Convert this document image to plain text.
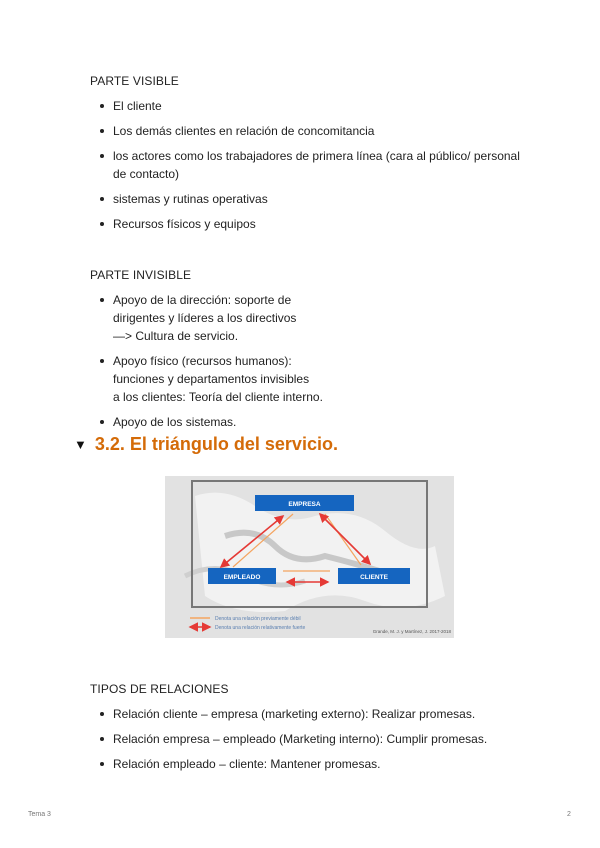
PARTE VISIBLE
El cliente
Los demás clientes en relación de concomitancia
los actores como los trabajadores de primera línea (cara al público/ personal
de contacto)
sistemas y rutinas operativas
Recursos físicos y equipos
PARTE INVISIBLE
Apoyo de la dirección: soporte de
dirigentes y líderes a los directivos
—> Cultura de servicio.
Apoyo físico (recursos humanos):
funciones y departamentos invisibles
a los clientes: Teoría del cliente interno.
Apoyo de los sistemas.
▼ 3.2. El triángulo del servicio.
EMPRESA
EMPLEADO	CLIENTE
Denota una relación previamente débil
Denota una relación relativamente fuerte
Grande, M. J. y Martínez, J. 2017-2018
TIPOS DE RELACIONES
Relación cliente – empresa (marketing externo): Realizar promesas.
Relación empresa – empleado (Marketing interno): Cumplir promesas.
Relación empleado – cliente: Mantener promesas.
Tema 3	2
